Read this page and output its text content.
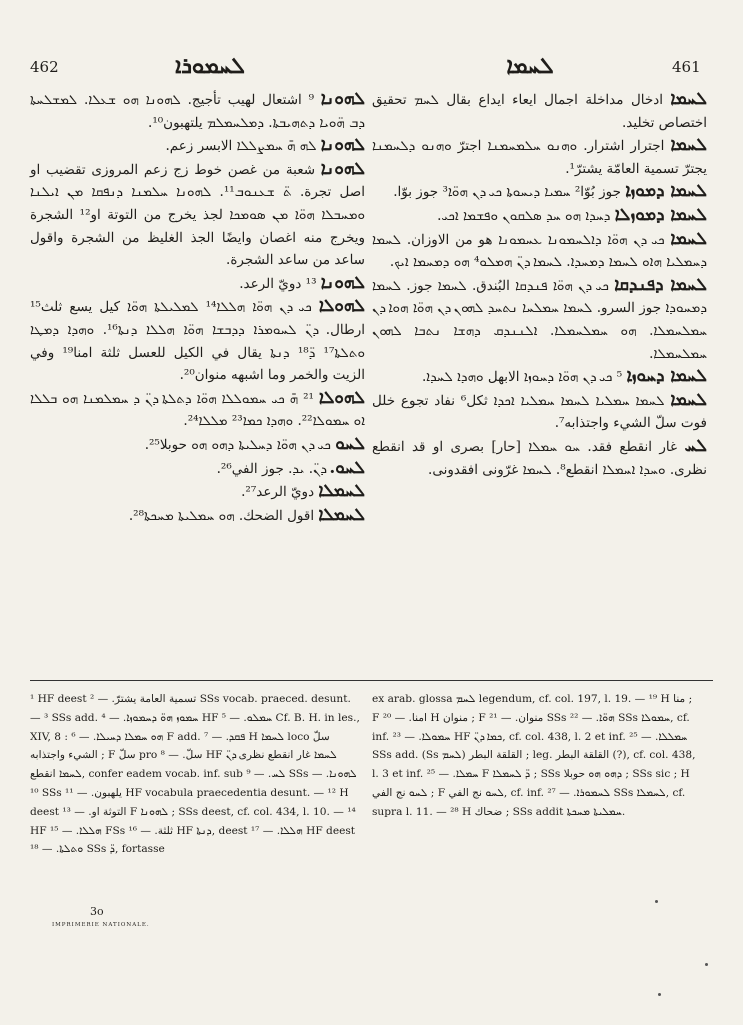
462	ܠܚܡܘܪܐ	ܠܚܡܐ	461

ܠܗܘܢܐ ⁹ اشتعال لهيب تأجيج. ܠܗܘܢܐ ܗܘ ܫܥܠܐ. ܠܡܫܠܚܬܐ ܕܒ ܗ̈ܘܝܐ ܕܬܗܝܒܬܐ. ܕܡܠܚܡܠܡ يلتهبون¹⁰.

ܠܗܘܢܐ ܠܗ ܗ̄ ܚܡܨܠܠܐ الابسر زعم.

ܠܗܘܢܐ شعبة من غصن خوط زج زعم المروزى تقضيب او اصل تجرة. ܬ̈ ܫܥܢܘܒ¹¹. ܠܗܘܢܐ ܚܠܡܢܐ ܕܢܦܩܐ ܡܢ ܐܝܠܢܐ ܘܡܚܒܠܐ ܗܘ̈ܐ ܡܢ ܣܘܡܟܐ لجذ يخرج من التوتة او¹² الشجرة ويخرج منه اغصان وايضًا الجذ الغليظ من الشجرة واقول ساعد من ساعد الشجرة.

ܠܗܘܢܐ ¹³ دويّ الرعد.

ܠܗܘܠܐ ܟܝ ܕܢ ܗܘ̈ܐ ܗܠܠܐ¹⁴ ܠܡܠܝܠܬܐ ܗܘ̈ܐ كيل يسع ثلث¹⁵ ارطال. ܕܢ̈ ܠܚܘܡܪܐ ܕܕܒܫܐ ܗܘ̈ܐ ܗܠܠܐ ܕܢܬܐ¹⁶. ܘܗܕܐ ܕܡܛܐ ܘܬܠܬܐ¹⁷ ܕ̈¹⁸ ܕܢܬܐ يقال في الكيل للعسل ثلثة امنا¹⁹ وفي الزيت والخمر وما اشبهه منوان²⁰.

ܠܗܘܠܐ ²¹ ܗ̄ ܟܝ ܚܡܘܠܠܐ ܗܘ̈ܐ ܕܬܠܬܐ ܕܢ̈ ܕ ܚܡܠܡܢܐ ܗܘ ܒܠܠܐ ܐܘ ܚܡܘܠܐ²². ܘܗܕܐ ܟܡܐ²³ ܡܠܠܐ²⁴.

ܠܚܘ ܟܝ ܕܢ ܗܘ̈ܐ ܕܚܠܝܬܐ ܕܗܘ ܗܘ حوبلا²⁵.

ܠܚܘ. ܕܢ̈. ܝܕ. جوز الفي²⁶.

ܠܚܡܠܐ دويّ الرعد²⁷.

ܠܚܡܠܐ اقول الضحك. ܗܘ ܚܡܠܝܬܐ ܡܚܟܬܐ²⁸.

ܠܚܡܐ ادخال مداخلة اجمال ايعاء ايداع بقال ܠܚܡ تحقيق اختصاص تخليد.

ܠܚܡܐ اجترار اشترار. ܘܗܢܘ ܚܠܡܚܡܢܐ اجترّ ܘܗܢܘ ܕܠܚܡܢܐ يجترّ تسمية العامّة يشترّ¹.

ܠܚܡܐ ܕܡܘܙܐ جوز بُوّا² ܚܡܝܐ ܕܝܚܘܬܐ ܟܝ ܕܢ ܗܘ̈ܐ³ جوز بوّا.

ܠܚܡܐ ܕܡܘܙܠܐ ܕܚܕܐ ܗܘ ܚܕ ܣܠܩܘܢ ܘܦܫܡܐ ܐܟܝ.

ܠܚܡܐ ܟܝ ܕܢ ܗܘ̈ܐ ܕܐܠܚܡܘܢܐ ܥܚܡܘܢܐ هو من الاوزان. ܠܚܡܐ ܕܚܡܠܝܐ ܗܐܘ ܠܚܡܐ ܕܡܚܕܐ. ܠܚܡܐ ܕܢ̈ ܗܡܠܘ⁴ ܗܘ ܕܡܚܡܐ ܐܝܟ.

ܠܚܡܐ ܕܦܢܕܩܐ ܟܝ ܕܢ ܗܘ̈ܐ ܦܢܕܩܐ البُندق. ܠܚܡܐ جوز. ܠܚܡܐ ܕܡܚܘܕܐ جوز السرو. ܠܚܡܐ ܚܡܠܚܐ ܢܬܚܕ ܠܗܘܢ ܕܢ ܗܘ̈ܐ ܗܘܐ ܕܢ ܚܡܠܚܡܠܐ. ܗܘ ܚܡܠܚܡܠܐ. ܐܠܢܢܕܩ ܕܗܫܐ ܢܬܒܐ ܠܗܘܢ ܚܡܠܚܡܠܐ.

ܠܚܡܐ ܕܚܘܙܐ ⁵ ܟܝ ܕܢ ܗܘ̈ܐ ܕܚܘܙܐ الابهل ܘܗܕܐ ܠܚܕܐ.

ܠܚܡܐ ܠܚܡܐ ܚܡܠܝܐ ܠܚܡܐ ܚܡܠܝܐ ܐܟܕܐ ثكل⁶ نفاد تجوع خلل فوت سلّ الشيء واجتذابه⁷.

ܠܚ غار انقطع فقد. ܚܘ ܚܡܠܐ [حار] بصرى او قد انقطع نظرى. ܘܚܕܐ ܐܚܡܠܐ انقطع⁸. ܠܚܡܐ غرّونى افقدونى.

¹ HF deest تسمية العامة يشترّ. — ² SSs vocab. praeced. desunt. — ³ SSs add. ܚܡܘܙ ܗܘ̈ ܕܚܡܘܙܐ. — ⁴ HF ܚܡܠܘ. — ⁵ Cf. B. H. in les., XIV, 8 : ܗܘ ܚܡܠܐ ܕܚܝܠܐ. — ⁶ F add. ܦܩܕ. — ⁷ H ܠܚܡܐ loco سلّ الشيء واجتذابه ; F سلّ pro سلّ. — ⁸ HF ܠܚܡܐ غار انقطع نظرى ܕܢ̈ ܠܚܡܐ انقطع, confer eadem vocab. inf. sub ܠܚ. — ⁹ SSs ܠܗܘܢܐ. — ¹⁰ SSs يلهبون. — ¹¹ HF vocabula praecedentia desunt. — ¹² H deest التوثة او. — ¹³ F ܠܗܘܢܐ ; SSs deest, cf. col. 434, l. 10. — ¹⁴ HF ܗܠܠܐ. — ¹⁵ FSs ثلثة. — ¹⁶ HF ܕܢܬܐ, deest ܗܠܠܐ. — ¹⁷ HF deest ܘܬܠܬܐ. — ¹⁸ SSs ܕ̈, fortasse

ex arab. glossa ܠܚܡ legendum, cf. col. 197, l. 19. — ¹⁹ H منا ; F امنا. — ²⁰ H منوان ; F منوان. — ²¹ SSs ܗܘ̈ܐ. — ²² SSs ܚܡܘܠܐ, cf. inf. ܚܡܘܠܐ. — ²³ HF ܟܡܐ ܕܢ̈, cf. col. 438, l. 2 et inf. ܚܡܠܠܐ. — ²⁵ SSs add. (Ss ܠܚܡ) القلقة البطر ; leg. القلقة البطر (?), cf. col. 438, l. 3 et inf. ܚܡܠܐ. — ²⁵ F ܕ̈ ܠܚܡܠܐ ; SSs ܕܗܘ ܗܘ حوبلا ; SSs sic ; H ܠܚܘ نج الفي ; F ܠܚܘ نج الفي, cf. inf. ܠܚܡܘܪܐ. — ²⁷ SSs ܠܚܡܠܐ, cf. supra l. 11. — ²⁸ H ضحاك ; SSs addit ܚܡܠܝܬܐ ܡܚܟܬܐ.

3o
IMPRIMERIE NATIONALE.
